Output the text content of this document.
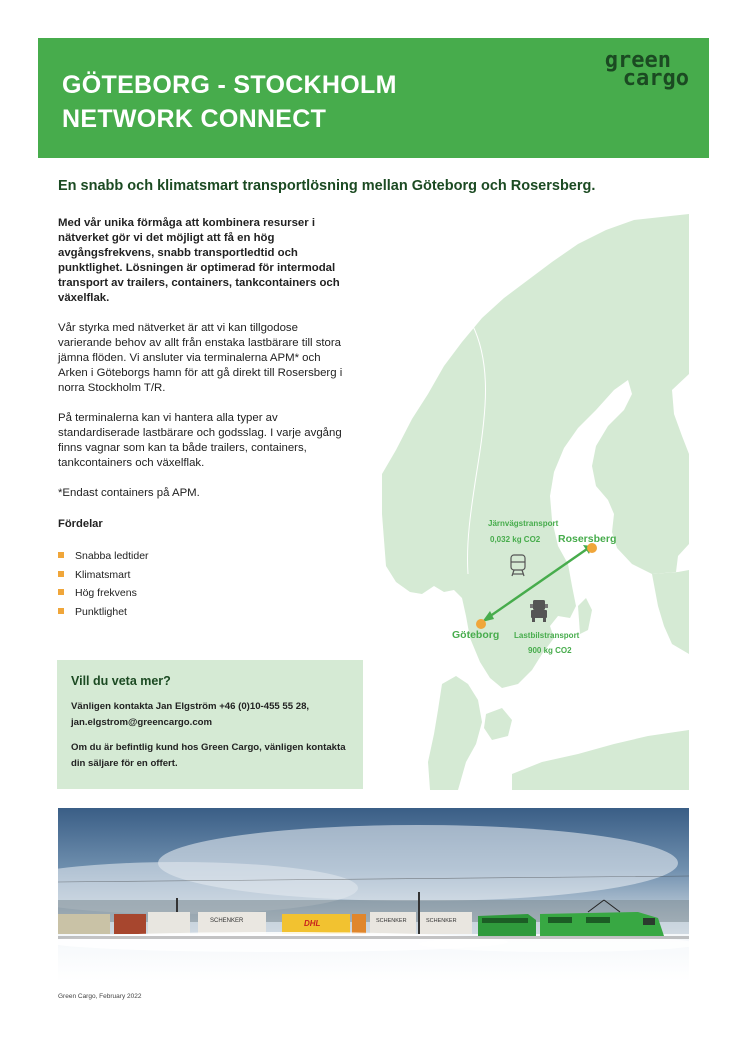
GÖTEBORG - STOCKHOLM
NETWORK CONNECT
green
cargo

En snabb och klimatsmart transportlösning mellan Göteborg och Rosersberg.

Med vår unika förmåga att kombinera resurser i nätverket gör vi det möjligt att få en hög avgångsfrekvens, snabb transportledtid och punktlighet. Lösningen är optimerad för intermodal transport av trailers, containers, tankcontainers och växelflak.

Vår styrka med nätverket är att vi kan tillgodose varierande behov av allt från enstaka lastbärare till stora jämna flöden. Vi ansluter via terminalerna APM* och Arken i Göteborgs hamn för att gå direkt till Rosersberg i norra Stockholm T/R.

På terminalerna kan vi hantera alla typer av standardiserade lastbärare och godsslag. I varje avgång finns vagnar som kan ta både trailers, containers, tankcontainers och växelflak.

*Endast containers på APM.

Fördelar

Snabba ledtider
Klimatsmart
Hög frekvens
Punktlighet

Vill du veta mer?

Vänligen kontakta Jan Elgström +46 (0)10-455 55 28, jan.elgstrom@greencargo.com

Om du är befintlig kund hos Green Cargo, vänligen kontakta din säljare för en offert.

Rosersberg
Göteborg
Järnvägstransport
0,032 kg CO2
Lastbilstransport
900 kg CO2
SCHENKER	DHL	SCHENKER	SCHENKER

Green Cargo, February 2022
